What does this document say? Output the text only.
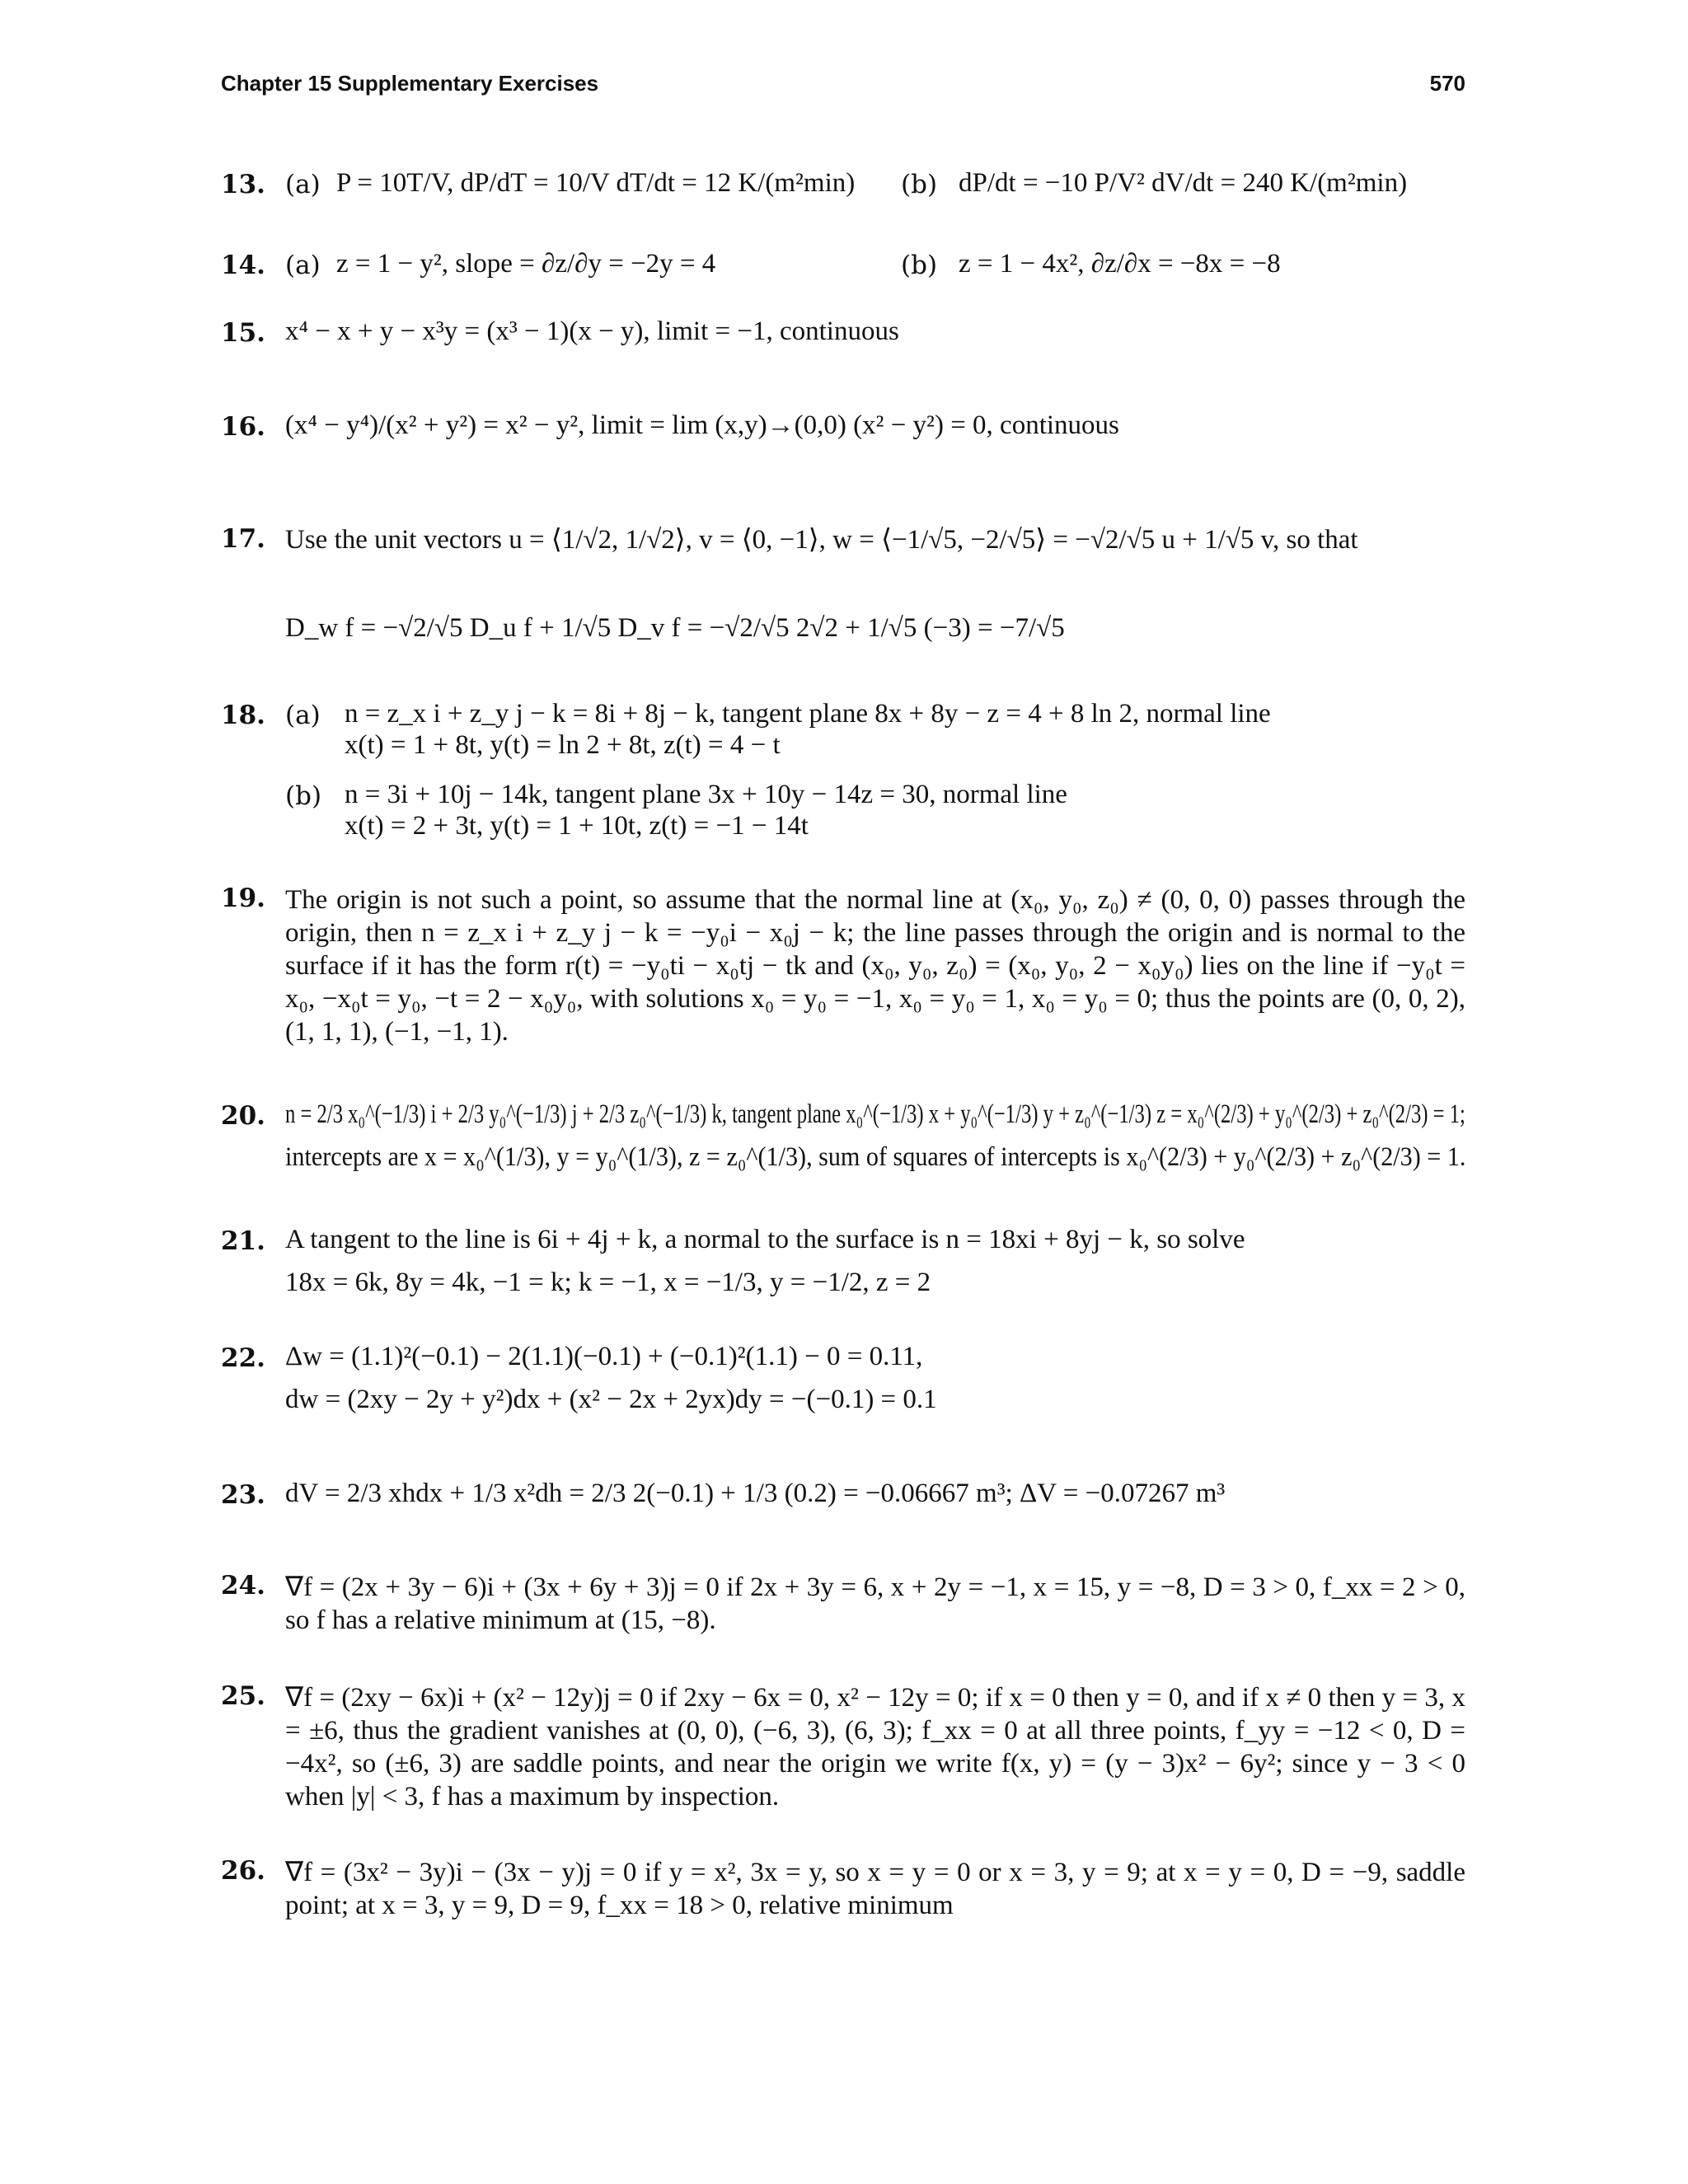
Chapter 15 Supplementary Exercises	570
13. (a) P = 10T/V, dP/dT = 10/V dT/dt = 12 K/(m²min) (b) dP/dt = −10 P/V² dV/dt = 240 K/(m²min)
14. (a) z = 1 − y², slope = ∂z/∂y = −2y = 4	(b) z = 1 − 4x², ∂z/∂x = −8x = −8
15. x⁴ − x + y − x³y = (x³ − 1)(x − y), limit = −1, continuous
16. (x⁴ − y⁴)/(x² + y²) = x² − y², limit = lim (x,y)→(0,0) (x² − y²) = 0, continuous
17. Use the unit vectors u = ⟨1/√2, 1/√2⟩, v = ⟨0, −1⟩, w = ⟨−1/√5, −2/√5⟩ = −√2/√5 u + 1/√5 v, so that
D_w f = −√2/√5 D_u f + 1/√5 D_v f = −√2/√5 2√2 + 1/√5 (−3) = −7/√5
18. (a) n = z_x i + z_y j − k = 8i + 8j − k, tangent plane 8x + 8y − z = 4 + 8 ln 2, normal line
x(t) = 1 + 8t, y(t) = ln 2 + 8t, z(t) = 4 − t
(b) n = 3i + 10j − 14k, tangent plane 3x + 10y − 14z = 30, normal line
x(t) = 2 + 3t, y(t) = 1 + 10t, z(t) = −1 − 14t
19. The origin is not such a point, so assume that the normal line at (x₀, y₀, z₀) ≠ (0, 0, 0) passes through the origin, then n = z_x i + z_y j − k = −y₀i − x₀j − k; the line passes through the origin and is normal to the surface if it has the form r(t) = −y₀ti − x₀tj − tk and (x₀, y₀, z₀) = (x₀, y₀, 2 − x₀y₀) lies on the line if −y₀t = x₀, −x₀t = y₀, −t = 2 − x₀y₀, with solutions x₀ = y₀ = −1, x₀ = y₀ = 1, x₀ = y₀ = 0; thus the points are (0, 0, 2), (1, 1, 1), (−1, −1, 1).
20. n = 2/3 x₀^(−1/3) i + 2/3 y₀^(−1/3) j + 2/3 z₀^(−1/3) k, tangent plane x₀^(−1/3) x + y₀^(−1/3) y + z₀^(−1/3) z = x₀^(2/3) + y₀^(2/3) + z₀^(2/3) = 1;
intercepts are x = x₀^(1/3), y = y₀^(1/3), z = z₀^(1/3), sum of squares of intercepts is x₀^(2/3) + y₀^(2/3) + z₀^(2/3) = 1.
21. A tangent to the line is 6i + 4j + k, a normal to the surface is n = 18xi + 8yj − k, so solve
18x = 6k, 8y = 4k, −1 = k; k = −1, x = −1/3, y = −1/2, z = 2
22. Δw = (1.1)²(−0.1) − 2(1.1)(−0.1) + (−0.1)²(1.1) − 0 = 0.11,
dw = (2xy − 2y + y²)dx + (x² − 2x + 2yx)dy = −(−0.1) = 0.1
23. dV = 2/3 xhdx + 1/3 x²dh = 2/3 2(−0.1) + 1/3 (0.2) = −0.06667 m³; ΔV = −0.07267 m³
24. ∇f = (2x + 3y − 6)i + (3x + 6y + 3)j = 0 if 2x + 3y = 6, x + 2y = −1, x = 15, y = −8, D = 3 > 0, f_xx = 2 > 0, so f has a relative minimum at (15, −8).
25. ∇f = (2xy − 6x)i + (x² − 12y)j = 0 if 2xy − 6x = 0, x² − 12y = 0; if x = 0 then y = 0, and if x ≠ 0 then y = 3, x = ±6, thus the gradient vanishes at (0, 0), (−6, 3), (6, 3); f_xx = 0 at all three points, f_yy = −12 < 0, D = −4x², so (±6, 3) are saddle points, and near the origin we write f(x, y) = (y − 3)x² − 6y²; since y − 3 < 0 when |y| < 3, f has a maximum by inspection.
26. ∇f = (3x² − 3y)i − (3x − y)j = 0 if y = x², 3x = y, so x = y = 0 or x = 3, y = 9; at x = y = 0, D = −9, saddle point; at x = 3, y = 9, D = 9, f_xx = 18 > 0, relative minimum
